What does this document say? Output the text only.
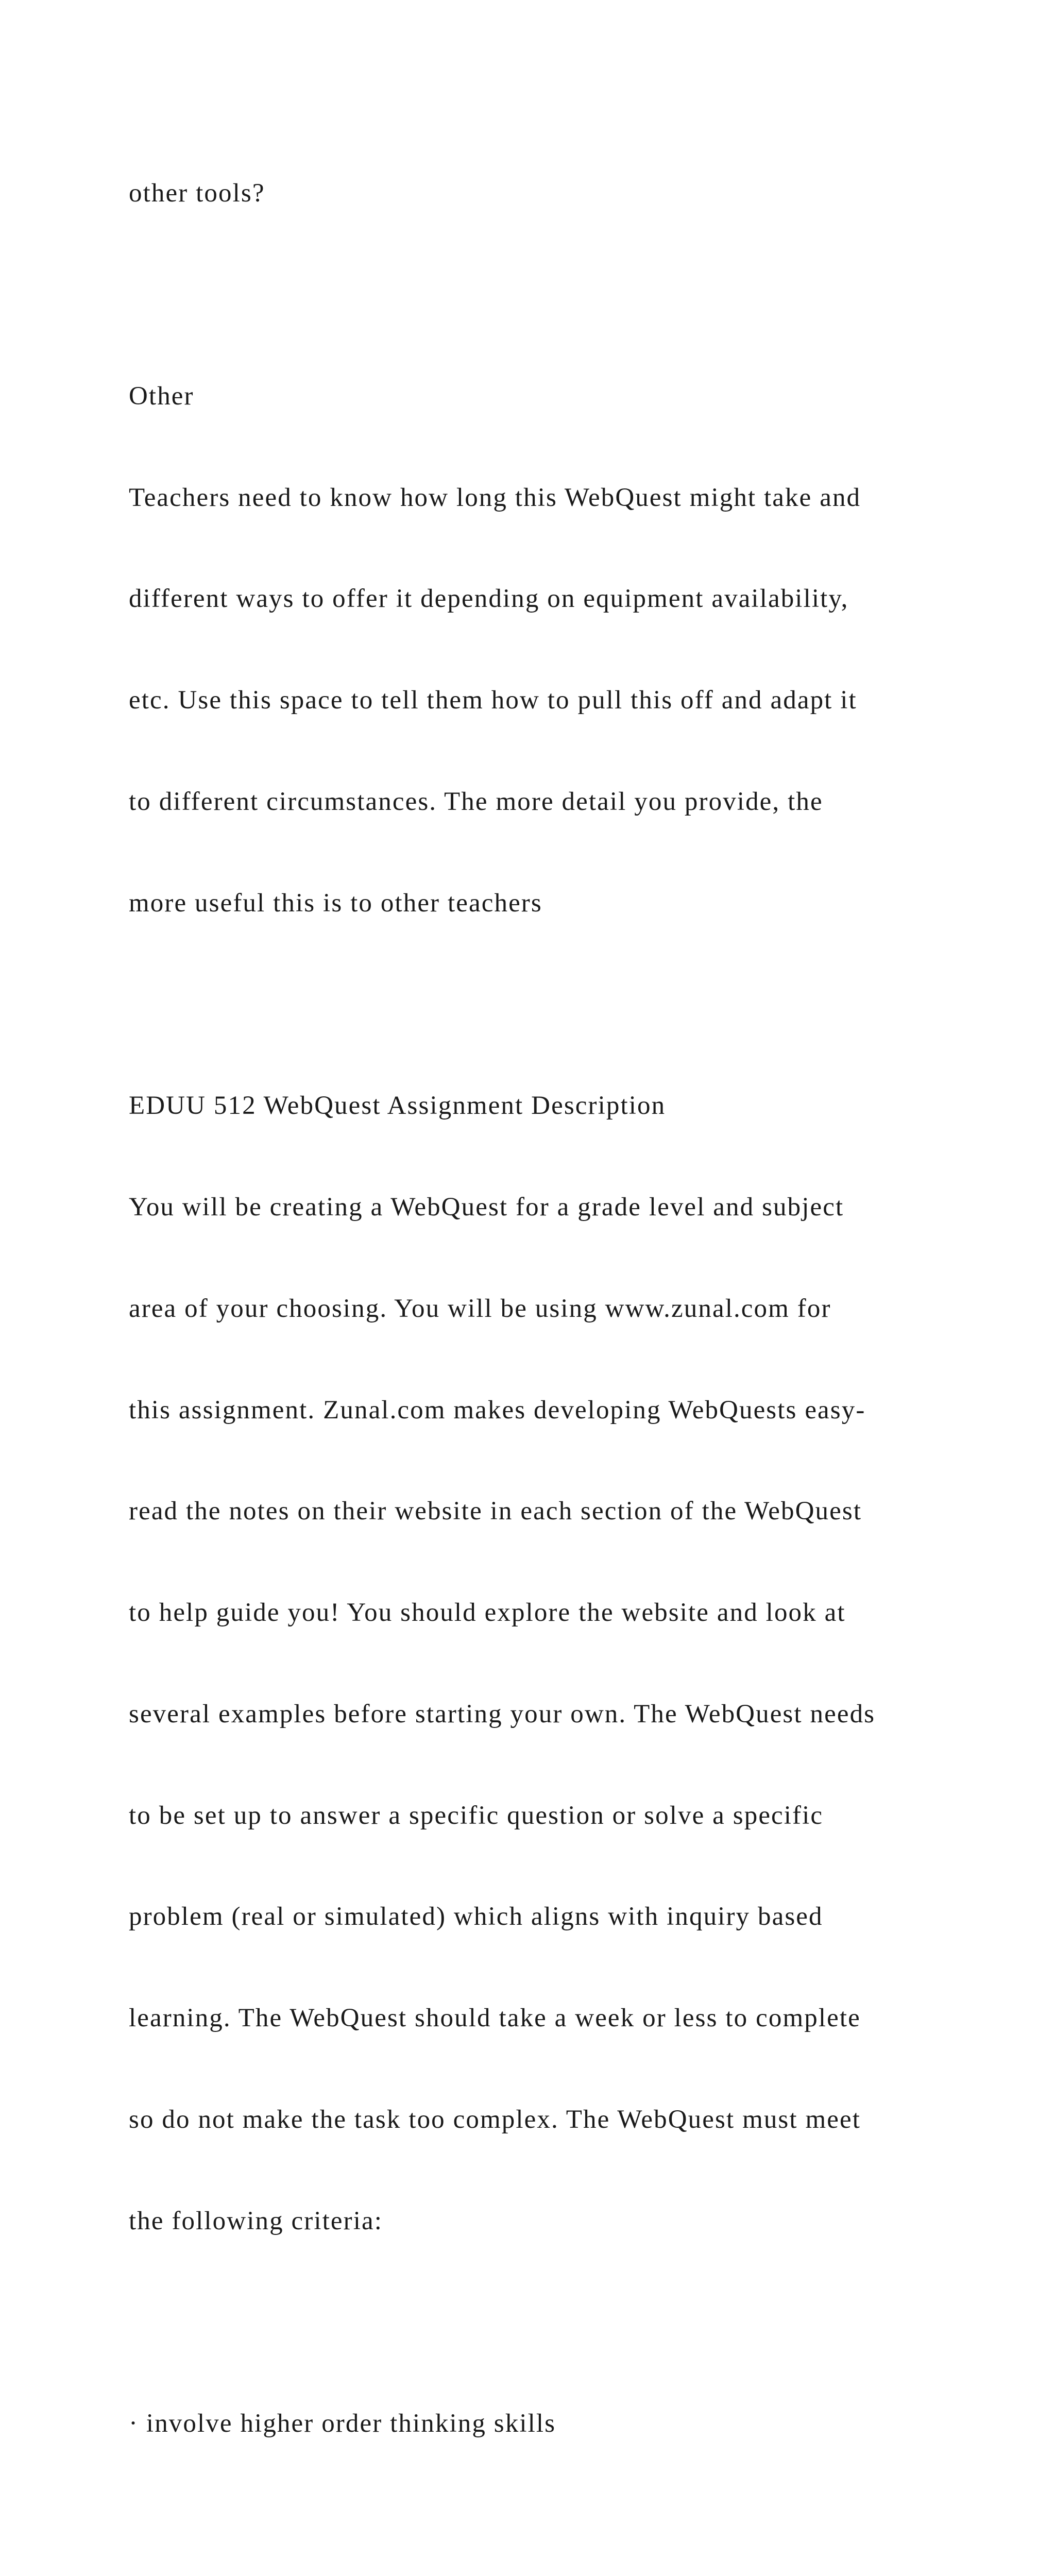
other tools?

Other

Teachers need to know how long this WebQuest might take and

different ways to offer it depending on equipment availability,

etc. Use this space to tell them how to pull this off and adapt it

to different circumstances. The more detail you provide, the

more useful this is to other teachers

EDUU 512 WebQuest Assignment Description

You will be creating a WebQuest for a grade level and subject

area of your choosing. You will be using www.zunal.com for

this assignment. Zunal.com makes developing WebQuests easy-

read the notes on their website in each section of the WebQuest

to help guide you! You should explore the website and look at

several examples before starting your own. The WebQuest needs

to be set up to answer a specific question or solve a specific

problem (real or simulated) which aligns with inquiry based

learning. The WebQuest should take a week or less to complete

so do not make the task too complex. The WebQuest must meet

the following criteria:

· involve higher order thinking skills
